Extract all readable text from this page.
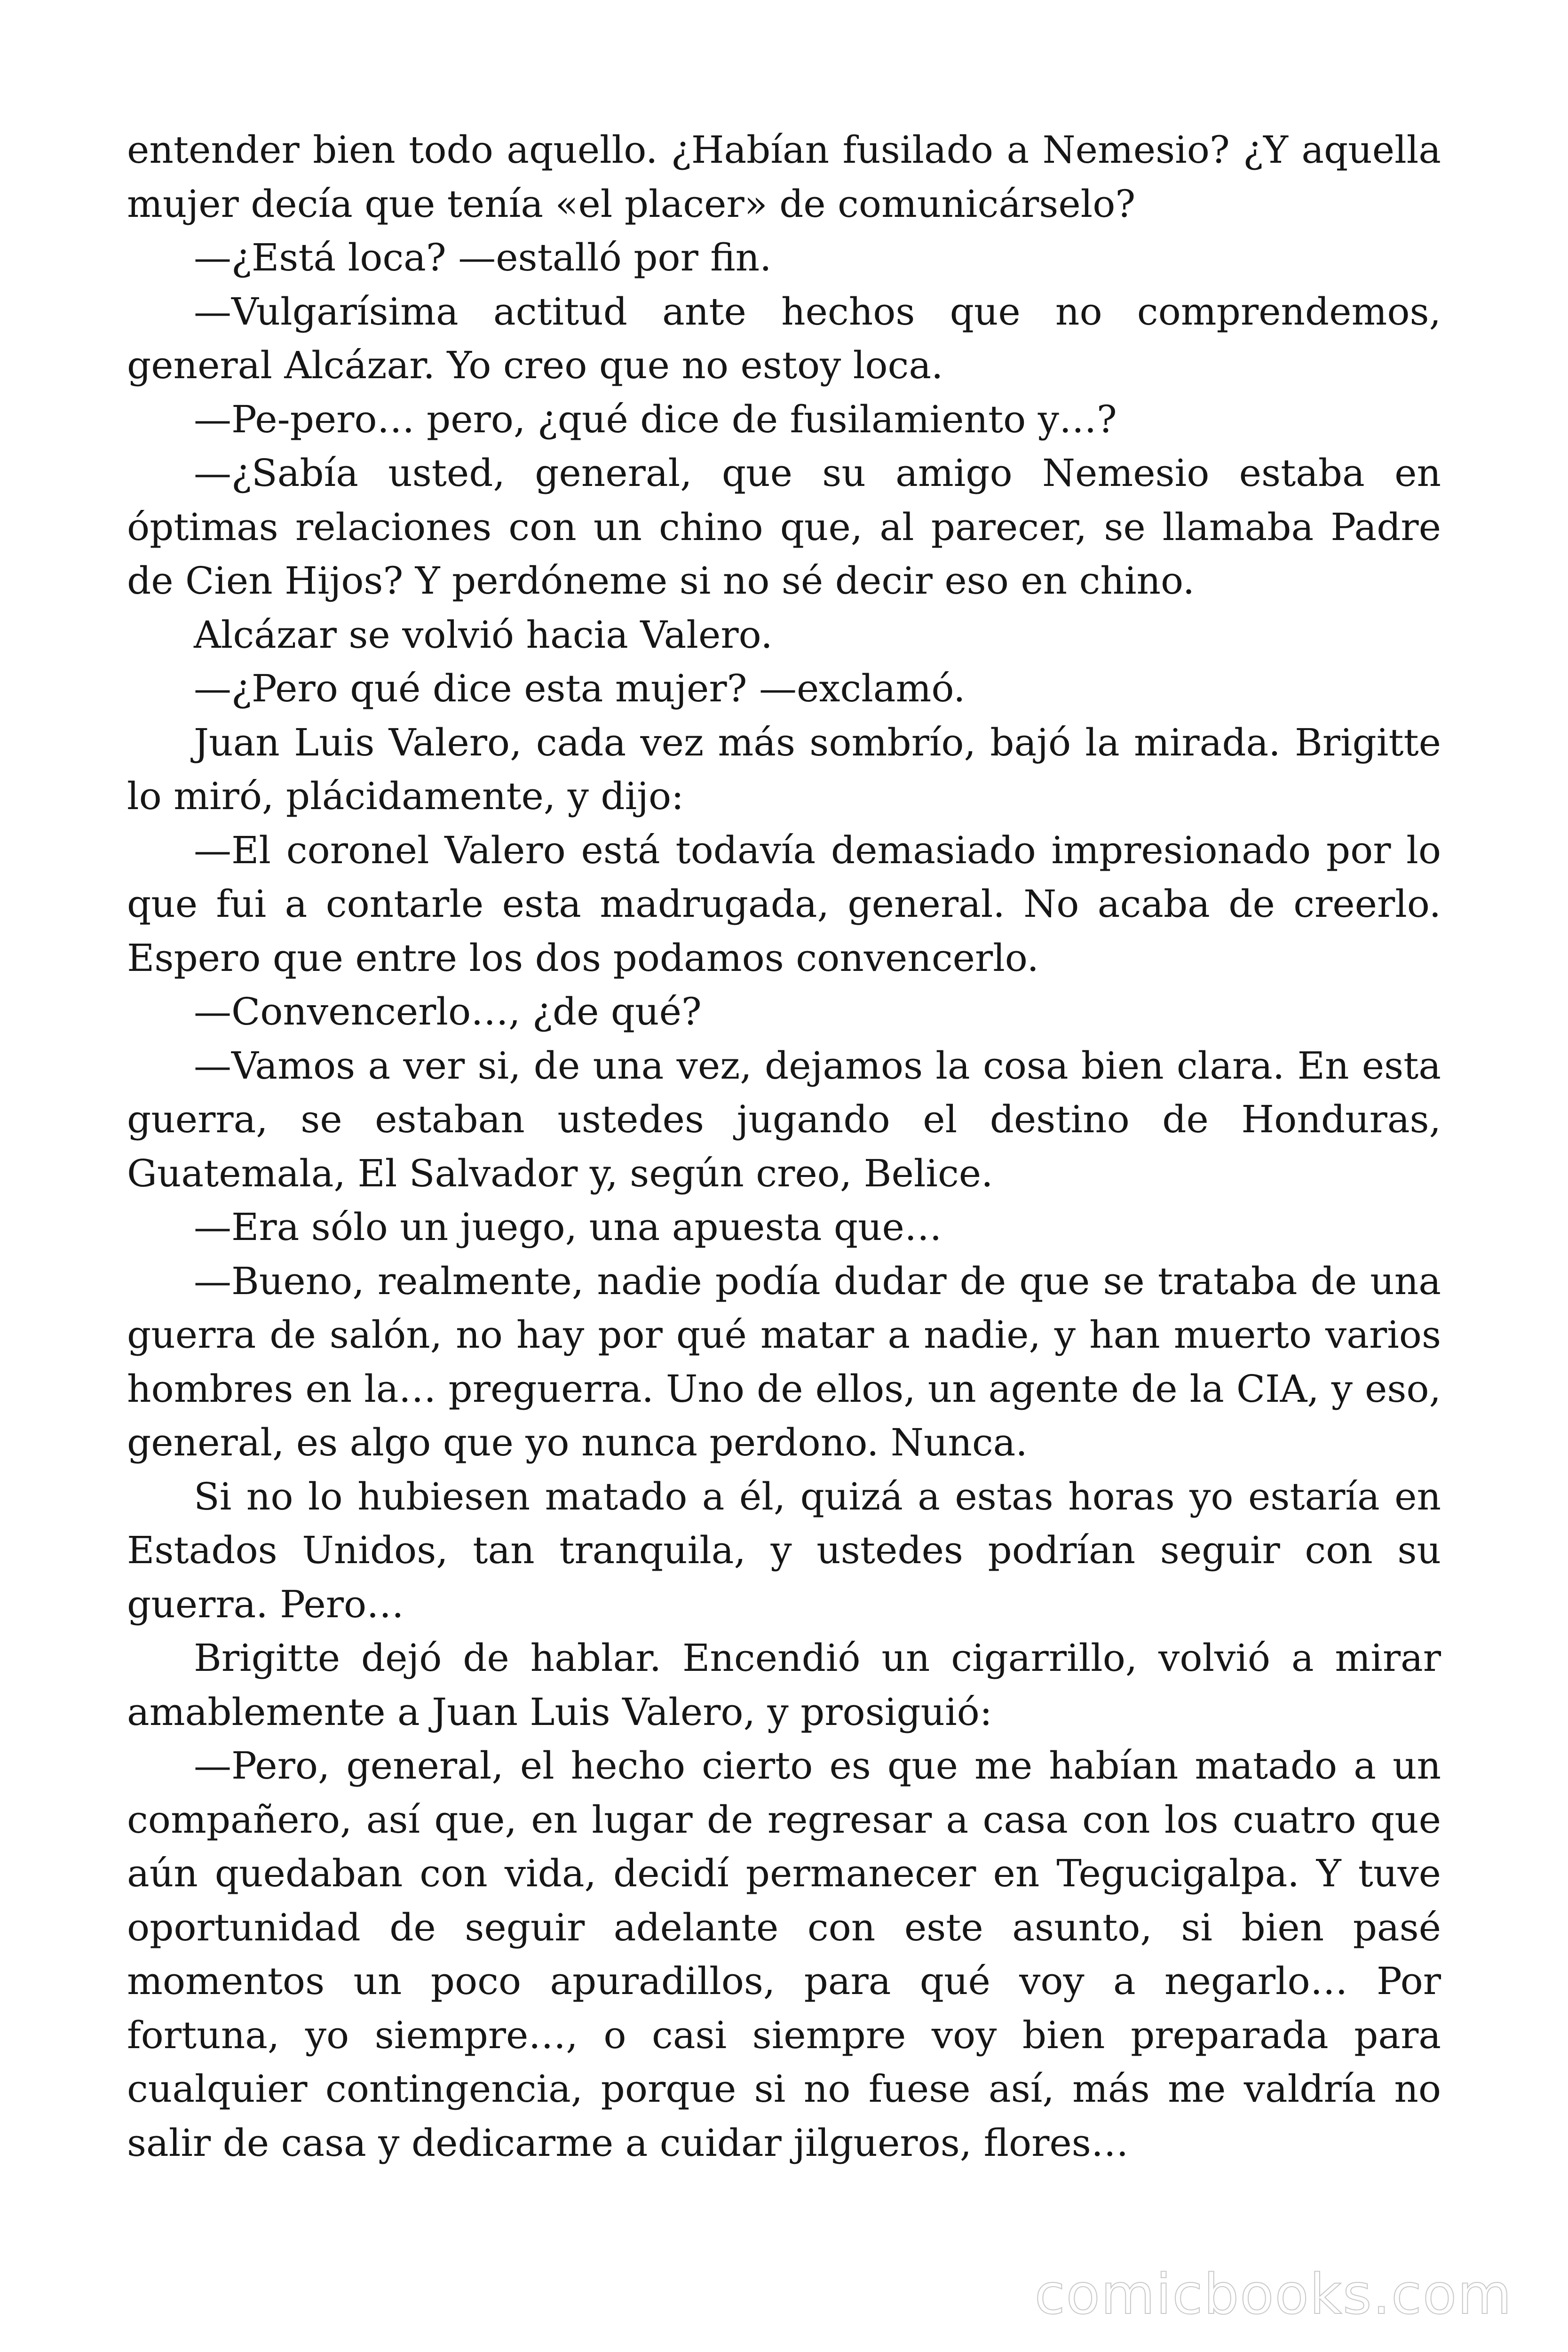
entender bien todo aquello. ¿Habían fusilado a Nemesio? ¿Y aquella mujer decía que tenía «el placer» de comunicárselo?

—¿Está loca? —estalló por fin.

—Vulgarísima actitud ante hechos que no comprendemos, general Alcázar. Yo creo que no estoy loca.

—Pe-pero… pero, ¿qué dice de fusilamiento y…?

—¿Sabía usted, general, que su amigo Nemesio estaba en óptimas relaciones con un chino que, al parecer, se llamaba Padre de Cien Hijos? Y perdóneme si no sé decir eso en chino.

Alcázar se volvió hacia Valero.

—¿Pero qué dice esta mujer? —exclamó.

Juan Luis Valero, cada vez más sombrío, bajó la mirada. Brigitte lo miró, plácidamente, y dijo:

—El coronel Valero está todavía demasiado impresionado por lo que fui a contarle esta madrugada, general. No acaba de creerlo. Espero que entre los dos podamos convencerlo.

—Convencerlo…, ¿de qué?

—Vamos a ver si, de una vez, dejamos la cosa bien clara. En esta guerra, se estaban ustedes jugando el destino de Honduras, Guatemala, El Salvador y, según creo, Belice.

—Era sólo un juego, una apuesta que…

—Bueno, realmente, nadie podía dudar de que se trataba de una guerra de salón, no hay por qué matar a nadie, y han muerto varios hombres en la… preguerra. Uno de ellos, un agente de la CIA, y eso, general, es algo que yo nunca perdono. Nunca.

Si no lo hubiesen matado a él, quizá a estas horas yo estaría en Estados Unidos, tan tranquila, y ustedes podrían seguir con su guerra. Pero…

Brigitte dejó de hablar. Encendió un cigarrillo, volvió a mirar amablemente a Juan Luis Valero, y prosiguió:

—Pero, general, el hecho cierto es que me habían matado a un compañero, así que, en lugar de regresar a casa con los cuatro que aún quedaban con vida, decidí permanecer en Tegucigalpa. Y tuve oportunidad de seguir adelante con este asunto, si bien pasé momentos un poco apuradillos, para qué voy a negarlo… Por fortuna, yo siempre…, o casi siempre voy bien preparada para cualquier contingencia, porque si no fuese así, más me valdría no salir de casa y dedicarme a cuidar jilgueros, flores…

comicbooks.com
